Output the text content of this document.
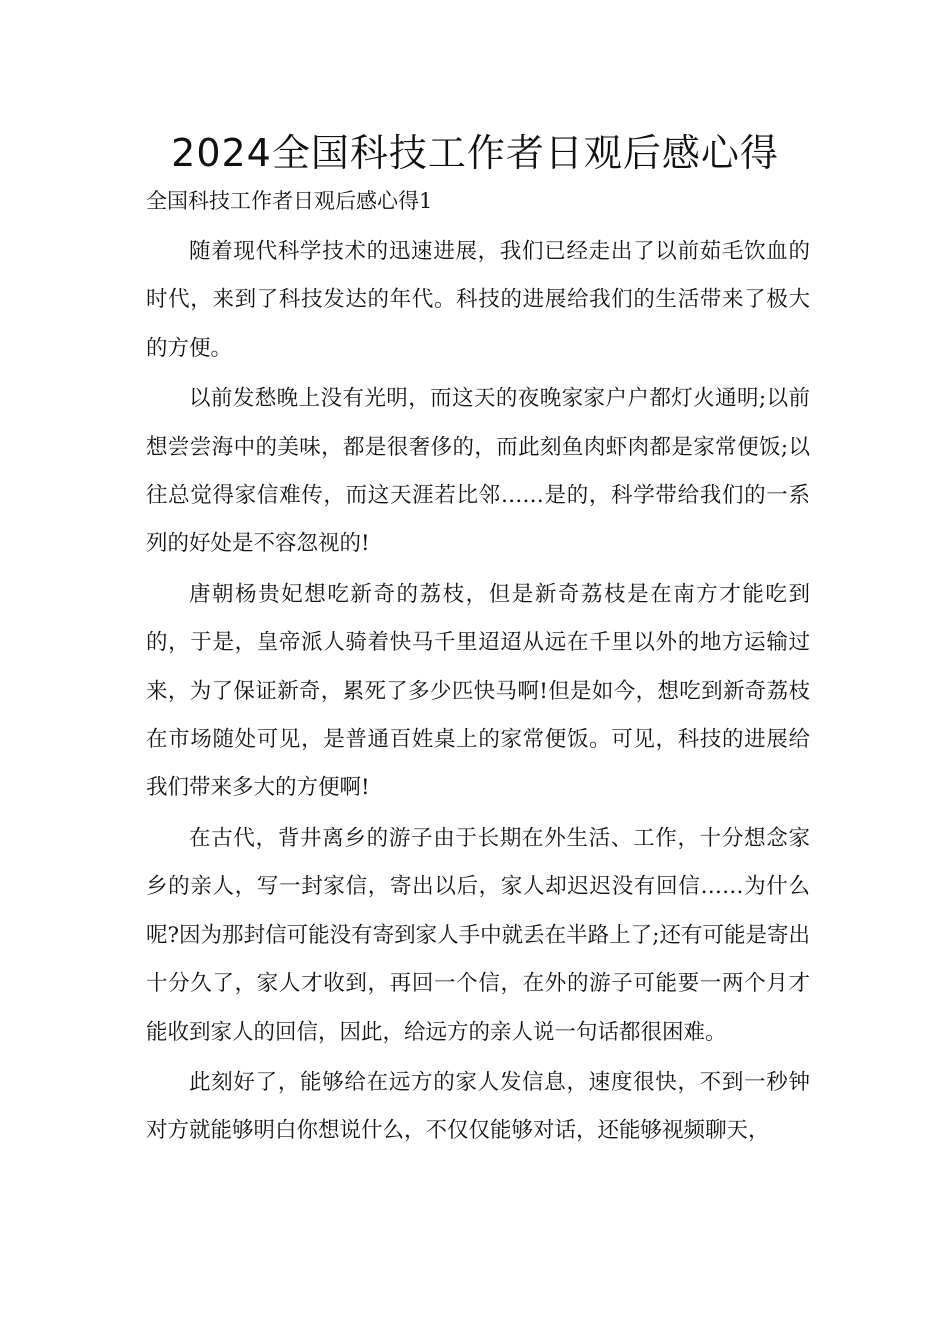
2024全国科技工作者日观后感心得

全国科技工作者日观后感心得1

随着现代科学技术的迅速进展，我们已经走出了以前茹毛饮血的时代，来到了科技发达的年代。科技的进展给我们的生活带来了极大的方便。

以前发愁晚上没有光明，而这天的夜晚家家户户都灯火通明;以前想尝尝海中的美味，都是很奢侈的，而此刻鱼肉虾肉都是家常便饭;以往总觉得家信难传，而这天涯若比邻……是的，科学带给我们的一系列的好处是不容忽视的!

唐朝杨贵妃想吃新奇的荔枝，但是新奇荔枝是在南方才能吃到的，于是，皇帝派人骑着快马千里迢迢从远在千里以外的地方运输过来，为了保证新奇，累死了多少匹快马啊!但是如今，想吃到新奇荔枝在市场随处可见，是普通百姓桌上的家常便饭。可见，科技的进展给我们带来多大的方便啊!

在古代，背井离乡的游子由于长期在外生活、工作，十分想念家乡的亲人，写一封家信，寄出以后，家人却迟迟没有回信……为什么呢?因为那封信可能没有寄到家人手中就丢在半路上了;还有可能是寄出十分久了，家人才收到，再回一个信，在外的游子可能要一两个月才能收到家人的回信，因此，给远方的亲人说一句话都很困难。

此刻好了，能够给在远方的家人发信息，速度很快，不到一秒钟对方就能够明白你想说什么，不仅仅能够对话，还能够视频聊天，
